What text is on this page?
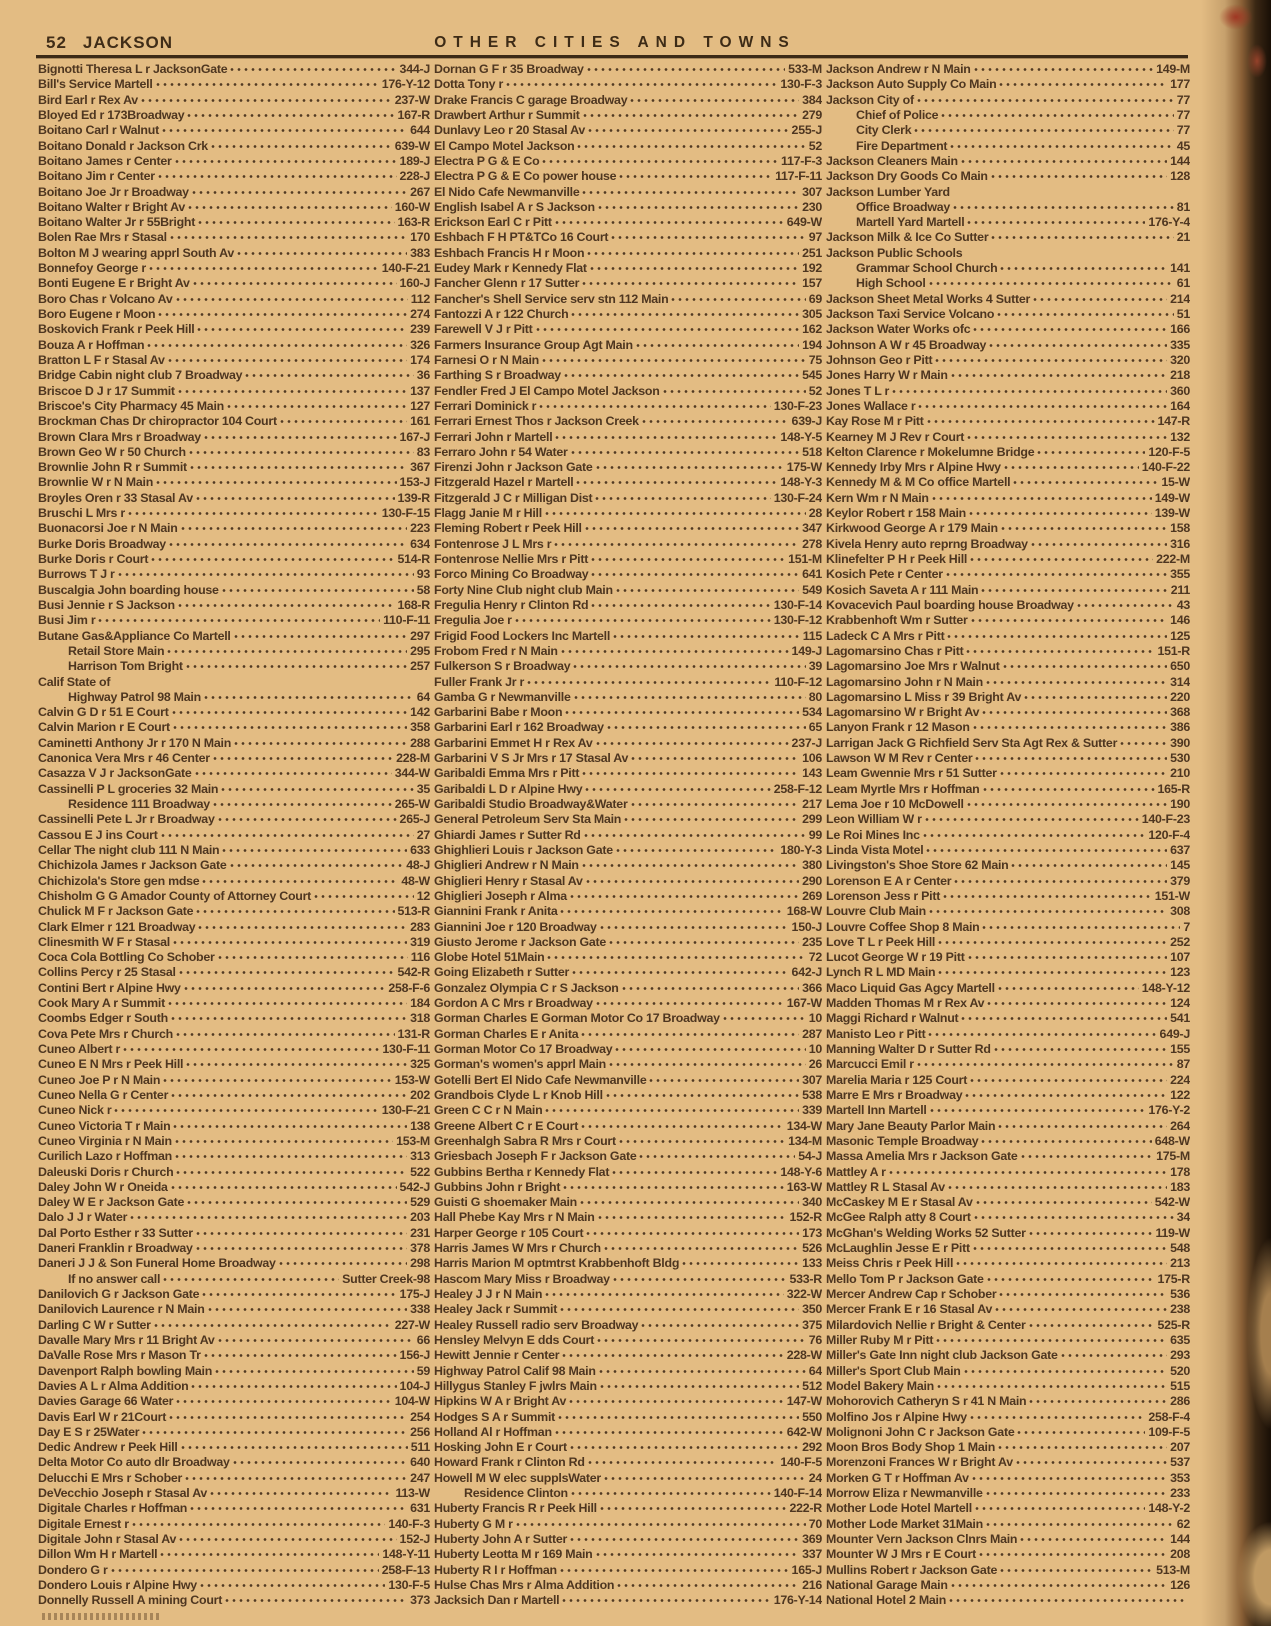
52 JACKSON	OTHER CITIES AND TOWNS
Bignotti Theresa L r JacksonGate	344-J
Bill's Service Martell	176-Y-12
Bird Earl r Rex Av	237-W
Bloyed Ed r 173Broadway	167-R
Boitano Carl r Walnut	644
Boitano Donald r Jackson Crk	639-W
Boitano James r Center	189-J
Boitano Jim r Center	228-J
Boitano Joe Jr r Broadway	267
Boitano Walter r Bright Av	160-W
Boitano Walter Jr r 55Bright	163-R
Bolen Rae Mrs r Stasal	170
Bolton M J wearing apprl South Av	383
Bonnefoy George r	140-F-21
Bonti Eugene E r Bright Av	160-J
Boro Chas r Volcano Av	112
Boro Eugene r Moon	274
Boskovich Frank r Peek Hill	239
Bouza A r Hoffman	326
Bratton L F r Stasal Av	174
Bridge Cabin night club 7 Broadway	36
Briscoe D J r 17 Summit	137
Briscoe's City Pharmacy 45 Main	127
Brockman Chas Dr chiropractor 104 Court	161
Brown Clara Mrs r Broadway	167-J
Brown Geo W r 50 Church	83
Brownlie John R r Summit	367
Brownlie W r N Main	153-J
Broyles Oren r 33 Stasal Av	139-R
Bruschi L Mrs r	130-F-15
Buonacorsi Joe r N Main	223
Burke Doris Broadway	634
Burke Doris r Court	514-R
Burrows T J r	93
Buscalgia John boarding house	58
Busi Jennie r S Jackson	168-R
Busi Jim r	110-F-11
Butane Gas&Appliance Co Martell	297
Retail Store Main	295
Harrison Tom Bright	257
Calif State of
Highway Patrol 98 Main	64
Calvin G D r 51 E Court	142
Calvin Marion r E Court	358
Caminetti Anthony Jr r 170 N Main	288
Canonica Vera Mrs r 46 Center	228-M
Casazza V J r JacksonGate	344-W
Cassinelli P L groceries 32 Main	35
Residence 111 Broadway	265-W
Cassinelli Pete L Jr r Broadway	265-J
Cassou E J ins Court	27
Cellar The night club 111 N Main	633
Chichizola James r Jackson Gate	48-J
Chichizola's Store gen mdse	48-W
Chisholm G G Amador County of Attorney Court	12
Chulick M F r Jackson Gate	513-R
Clark Elmer r 121 Broadway	283
Clinesmith W F r Stasal	319
Coca Cola Bottling Co Schober	116
Collins Percy r 25 Stasal	542-R
Contini Bert r Alpine Hwy	258-F-6
Cook Mary A r Summit	184
Coombs Edger r South	318
Cova Pete Mrs r Church	131-R
Cuneo Albert r	130-F-11
Cuneo E N Mrs r Peek Hill	325
Cuneo Joe P r N Main	153-W
Cuneo Nella G r Center	202
Cuneo Nick r	130-F-21
Cuneo Victoria T r Main	138
Cuneo Virginia r N Main	153-M
Curilich Lazo r Hoffman	313
Daleuski Doris r Church	522
Daley John W r Oneida	542-J
Daley W E r Jackson Gate	529
Dalo J J r Water	203
Dal Porto Esther r 33 Sutter	231
Daneri Franklin r Broadway	378
Daneri J J & Son Funeral Home Broadway	298
If no answer call	Sutter Creek-98
Danilovich G r Jackson Gate	175-J
Danilovich Laurence r N Main	338
Darling C W r Sutter	227-W
Davalle Mary Mrs r 11 Bright Av	66
DaValle Rose Mrs r Mason Tr	156-J
Davenport Ralph bowling Main	59
Davies A L r Alma Addition	104-J
Davies Garage 66 Water	104-W
Davis Earl W r 21Court	254
Day E S r 25Water	256
Dedic Andrew r Peek Hill	511
Delta Motor Co auto dlr Broadway	640
Delucchi E Mrs r Schober	247
DeVecchio Joseph r Stasal Av	113-W
Digitale Charles r Hoffman	631
Digitale Ernest r	140-F-3
Digitale John r Stasal Av	152-J
Dillon Wm H r Martell	148-Y-11
Dondero G r	258-F-13
Dondero Louis r Alpine Hwy	130-F-5
Donnelly Russell A mining Court	373
Dornan G F r 35 Broadway	533-M
Dotta Tony r	130-F-3
Drake Francis C garage Broadway	384
Drawbert Arthur r Summit	279
Dunlavy Leo r 20 Stasal Av	255-J
El Campo Motel Jackson	52
Electra P G & E Co	117-F-3
Electra P G & E Co power house	117-F-11
El Nido Cafe Newmanville	307
English Isabel A r S Jackson	230
Erickson Earl C r Pitt	649-W
Eshbach F H PT&TCo 16 Court	97
Eshbach Francis H r Moon	251
Eudey Mark r Kennedy Flat	192
Fancher Glenn r 17 Sutter	157
Fancher's Shell Service serv stn 112 Main	69
Fantozzi A r 122 Church	305
Farewell V J r Pitt	162
Farmers Insurance Group Agt Main	194
Farnesi O r N Main	75
Farthing S r Broadway	545
Fendler Fred J El Campo Motel Jackson	52
Ferrari Dominick r	130-F-23
Ferrari Ernest Thos r Jackson Creek	639-J
Ferrari John r Martell	148-Y-5
Ferraro John r 54 Water	518
Firenzi John r Jackson Gate	175-W
Fitzgerald Hazel r Martell	148-Y-3
Fitzgerald J C r Milligan Dist	130-F-24
Flagg Janie M r Hill	28
Fleming Robert r Peek Hill	347
Fontenrose J L Mrs r	278
Fontenrose Nellie Mrs r Pitt	151-M
Forco Mining Co Broadway	641
Forty Nine Club night club Main	549
Fregulia Henry r Clinton Rd	130-F-14
Fregulia Joe r	130-F-12
Frigid Food Lockers Inc Martell	115
Frobom Fred r N Main	149-J
Fulkerson S r Broadway	39
Fuller Frank Jr r	110-F-12
Gamba G r Newmanville	80
Garbarini Babe r Moon	534
Garbarini Earl r 162 Broadway	65
Garbarini Emmet H r Rex Av	237-J
Garbarini V S Jr Mrs r 17 Stasal Av	106
Garibaldi Emma Mrs r Pitt	143
Garibaldi L D r Alpine Hwy	258-F-12
Garibaldi Studio Broadway&Water	217
General Petroleum Serv Sta Main	299
Ghiardi James r Sutter Rd	99
Ghighlieri Louis r Jackson Gate	180-Y-3
Ghiglieri Andrew r N Main	380
Ghiglieri Henry r Stasal Av	290
Ghiglieri Joseph r Alma	269
Giannini Frank r Anita	168-W
Giannini Joe r 120 Broadway	150-J
Giusto Jerome r Jackson Gate	235
Globe Hotel 51Main	72
Going Elizabeth r Sutter	642-J
Gonzalez Olympia C r S Jackson	366
Gordon A C Mrs r Broadway	167-W
Gorman Charles E Gorman Motor Co 17 Broadway	10
Gorman Charles E r Anita	287
Gorman Motor Co 17 Broadway	10
Gorman's women's apprl Main	26
Gotelli Bert El Nido Cafe Newmanville	307
Grandbois Clyde L r Knob Hill	538
Green C C r N Main	339
Greene Albert C r E Court	134-W
Greenhalgh Sabra R Mrs r Court	134-M
Griesbach Joseph F r Jackson Gate	54-J
Gubbins Bertha r Kennedy Flat	148-Y-6
Gubbins John r Bright	163-W
Guisti G shoemaker Main	340
Hall Phebe Kay Mrs r N Main	152-R
Harper George r 105 Court	173
Harris James W Mrs r Church	526
Harris Marion M optmtrst Krabbenhoft Bldg	133
Hascom Mary Miss r Broadway	533-R
Healey J J r N Main	322-W
Healey Jack r Summit	350
Healey Russell radio serv Broadway	375
Hensley Melvyn E dds Court	76
Hewitt Jennie r Center	228-W
Highway Patrol Calif 98 Main	64
Hillygus Stanley F jwlrs Main	512
Hipkins W A r Bright Av	147-W
Hodges S A r Summit	550
Holland Al r Hoffman	642-W
Hosking John E r Court	292
Howard Frank r Clinton Rd	140-F-5
Howell M W elec supplsWater	24
Residence Clinton	140-F-14
Huberty Francis R r Peek Hill	222-R
Huberty G M r	70
Huberty John A r Sutter	369
Huberty Leotta M r 169 Main	337
Huberty R I r Hoffman	165-J
Hulse Chas Mrs r Alma Addition	216
Jacksich Dan r Martell	176-Y-14
Jackson Andrew r N Main	149-M
Jackson Auto Supply Co Main	177
Jackson City of	77
Chief of Police	77
City Clerk	77
Fire Department	45
Jackson Cleaners Main	144
Jackson Dry Goods Co Main	128
Jackson Lumber Yard
Office Broadway	81
Martell Yard Martell	176-Y-4
Jackson Milk & Ice Co Sutter	21
Jackson Public Schools
Grammar School Church	141
High School	61
Jackson Sheet Metal Works 4 Sutter	214
Jackson Taxi Service Volcano	51
Jackson Water Works ofc	166
Johnson A W r 45 Broadway	335
Johnson Geo r Pitt	320
Jones Harry W r Main	218
Jones T L r	360
Jones Wallace r	164
Kay Rose M r Pitt	147-R
Kearney M J Rev r Court	132
Kelton Clarence r Mokelumne Bridge	120-F-5
Kennedy Irby Mrs r Alpine Hwy	140-F-22
Kennedy M & M Co office Martell	15-W
Kern Wm r N Main	149-W
Keylor Robert r 158 Main	139-W
Kirkwood George A r 179 Main	158
Kivela Henry auto reprng Broadway	316
Klinefelter P H r Peek Hill	222-M
Kosich Pete r Center	355
Kosich Saveta A r 111 Main	211
Kovacevich Paul boarding house Broadway	43
Krabbenhoft Wm r Sutter	146
Ladeck C A Mrs r Pitt	125
Lagomarsino Chas r Pitt	151-R
Lagomarsino Joe Mrs r Walnut	650
Lagomarsino John r N Main	314
Lagomarsino L Miss r 39 Bright Av	220
Lagomarsino W r Bright Av	368
Lanyon Frank r 12 Mason	386
Larrigan Jack G Richfield Serv Sta Agt Rex & Sutter	390
Lawson W M Rev r Center	530
Leam Gwennie Mrs r 51 Sutter	210
Leam Myrtle Mrs r Hoffman	165-R
Lema Joe r 10 McDowell	190
Leon William W r	140-F-23
Le Roi Mines Inc	120-F-4
Linda Vista Motel	637
Livingston's Shoe Store 62 Main	145
Lorenson E A r Center	379
Lorenson Jess r Pitt	151-W
Louvre Club Main	308
Louvre Coffee Shop 8 Main	7
Love T L r Peek Hill	252
Lucot George W r 19 Pitt	107
Lynch R L MD Main	123
Maco Liquid Gas Agcy Martell	148-Y-12
Madden Thomas M r Rex Av	124
Maggi Richard r Walnut	541
Manisto Leo r Pitt	649-J
Manning Walter D r Sutter Rd	155
Marcucci Emil r	87
Marelia Maria r 125 Court	224
Marre E Mrs r Broadway	122
Martell Inn Martell	176-Y-2
Mary Jane Beauty Parlor Main	264
Masonic Temple Broadway	648-W
Massa Amelia Mrs r Jackson Gate	175-M
Mattley A r	178
Mattley R L Stasal Av	183
McCaskey M E r Stasal Av	542-W
McGee Ralph atty 8 Court	34
McGhan's Welding Works 52 Sutter	119-W
McLaughlin Jesse E r Pitt	548
Meiss Chris r Peek Hill	213
Mello Tom P r Jackson Gate	175-R
Mercer Andrew Cap r Schober	536
Mercer Frank E r 16 Stasal Av	238
Milardovich Nellie r Bright & Center	525-R
Miller Ruby M r Pitt	635
Miller's Gate Inn night club Jackson Gate	293
Miller's Sport Club Main	520
Model Bakery Main	515
Mohorovich Catheryn S r 41 N Main	286
Molfino Jos r Alpine Hwy	258-F-4
Molignoni John C r Jackson Gate	109-F-5
Moon Bros Body Shop 1 Main	207
Morenzoni Frances W r Bright Av	537
Morken G T r Hoffman Av	353
Morrow Eliza r Newmanville	233
Mother Lode Hotel Martell	148-Y-2
Mother Lode Market 31Main	62
Mounter Vern Jackson Clnrs Main	144
Mounter W J Mrs r E Court	208
Mullins Robert r Jackson Gate	513-M
National Garage Main	126
National Hotel 2 Main
